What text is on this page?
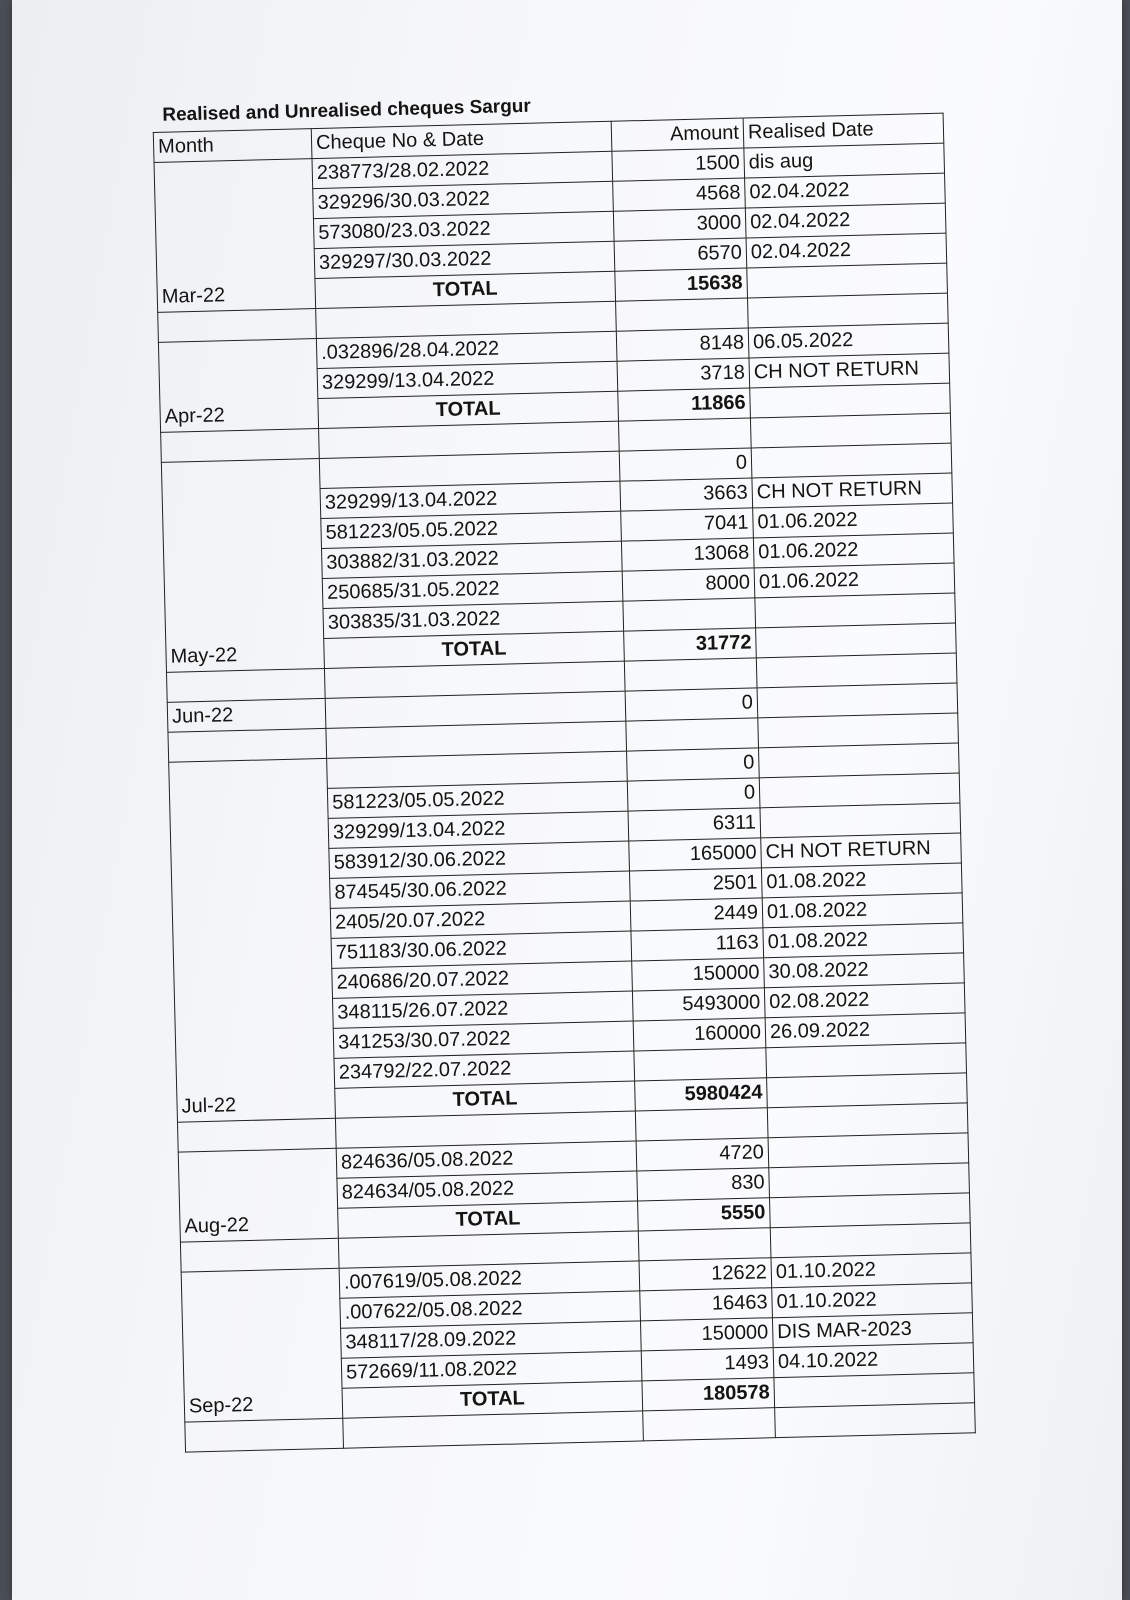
Realised and Unrealised cheques Sargur
Month	Cheque No & Date	Amount	Realised Date
Mar-22	238773/28.02.2022	1500	dis aug
	329296/30.03.2022	4568	02.04.2022
	573080/23.03.2022	3000	02.04.2022
	329297/30.03.2022	6570	02.04.2022
	TOTAL	15638	

Apr-22	.032896/28.04.2022	8148	06.05.2022
	329299/13.04.2022	3718	CH NOT RETURN
	TOTAL	11866	

May-22		0	
	329299/13.04.2022	3663	CH NOT RETURN
	581223/05.05.2022	7041	01.06.2022
	303882/31.03.2022	13068	01.06.2022
	250685/31.05.2022	8000	01.06.2022
	303835/31.03.2022		
	TOTAL	31772	

Jun-22		0	

Jul-22		0	
	581223/05.05.2022	0	
	329299/13.04.2022	6311	
	583912/30.06.2022	165000	CH NOT RETURN
	874545/30.06.2022	2501	01.08.2022
	2405/20.07.2022	2449	01.08.2022
	751183/30.06.2022	1163	01.08.2022
	240686/20.07.2022	150000	30.08.2022
	348115/26.07.2022	5493000	02.08.2022
	341253/30.07.2022	160000	26.09.2022
	234792/22.07.2022		
	TOTAL	5980424	

Aug-22	824636/05.08.2022	4720	
	824634/05.08.2022	830	
	TOTAL	5550	

Sep-22	.007619/05.08.2022	12622	01.10.2022
	.007622/05.08.2022	16463	01.10.2022
	348117/28.09.2022	150000	DIS MAR-2023
	572669/11.08.2022	1493	04.10.2022
	TOTAL	180578	
